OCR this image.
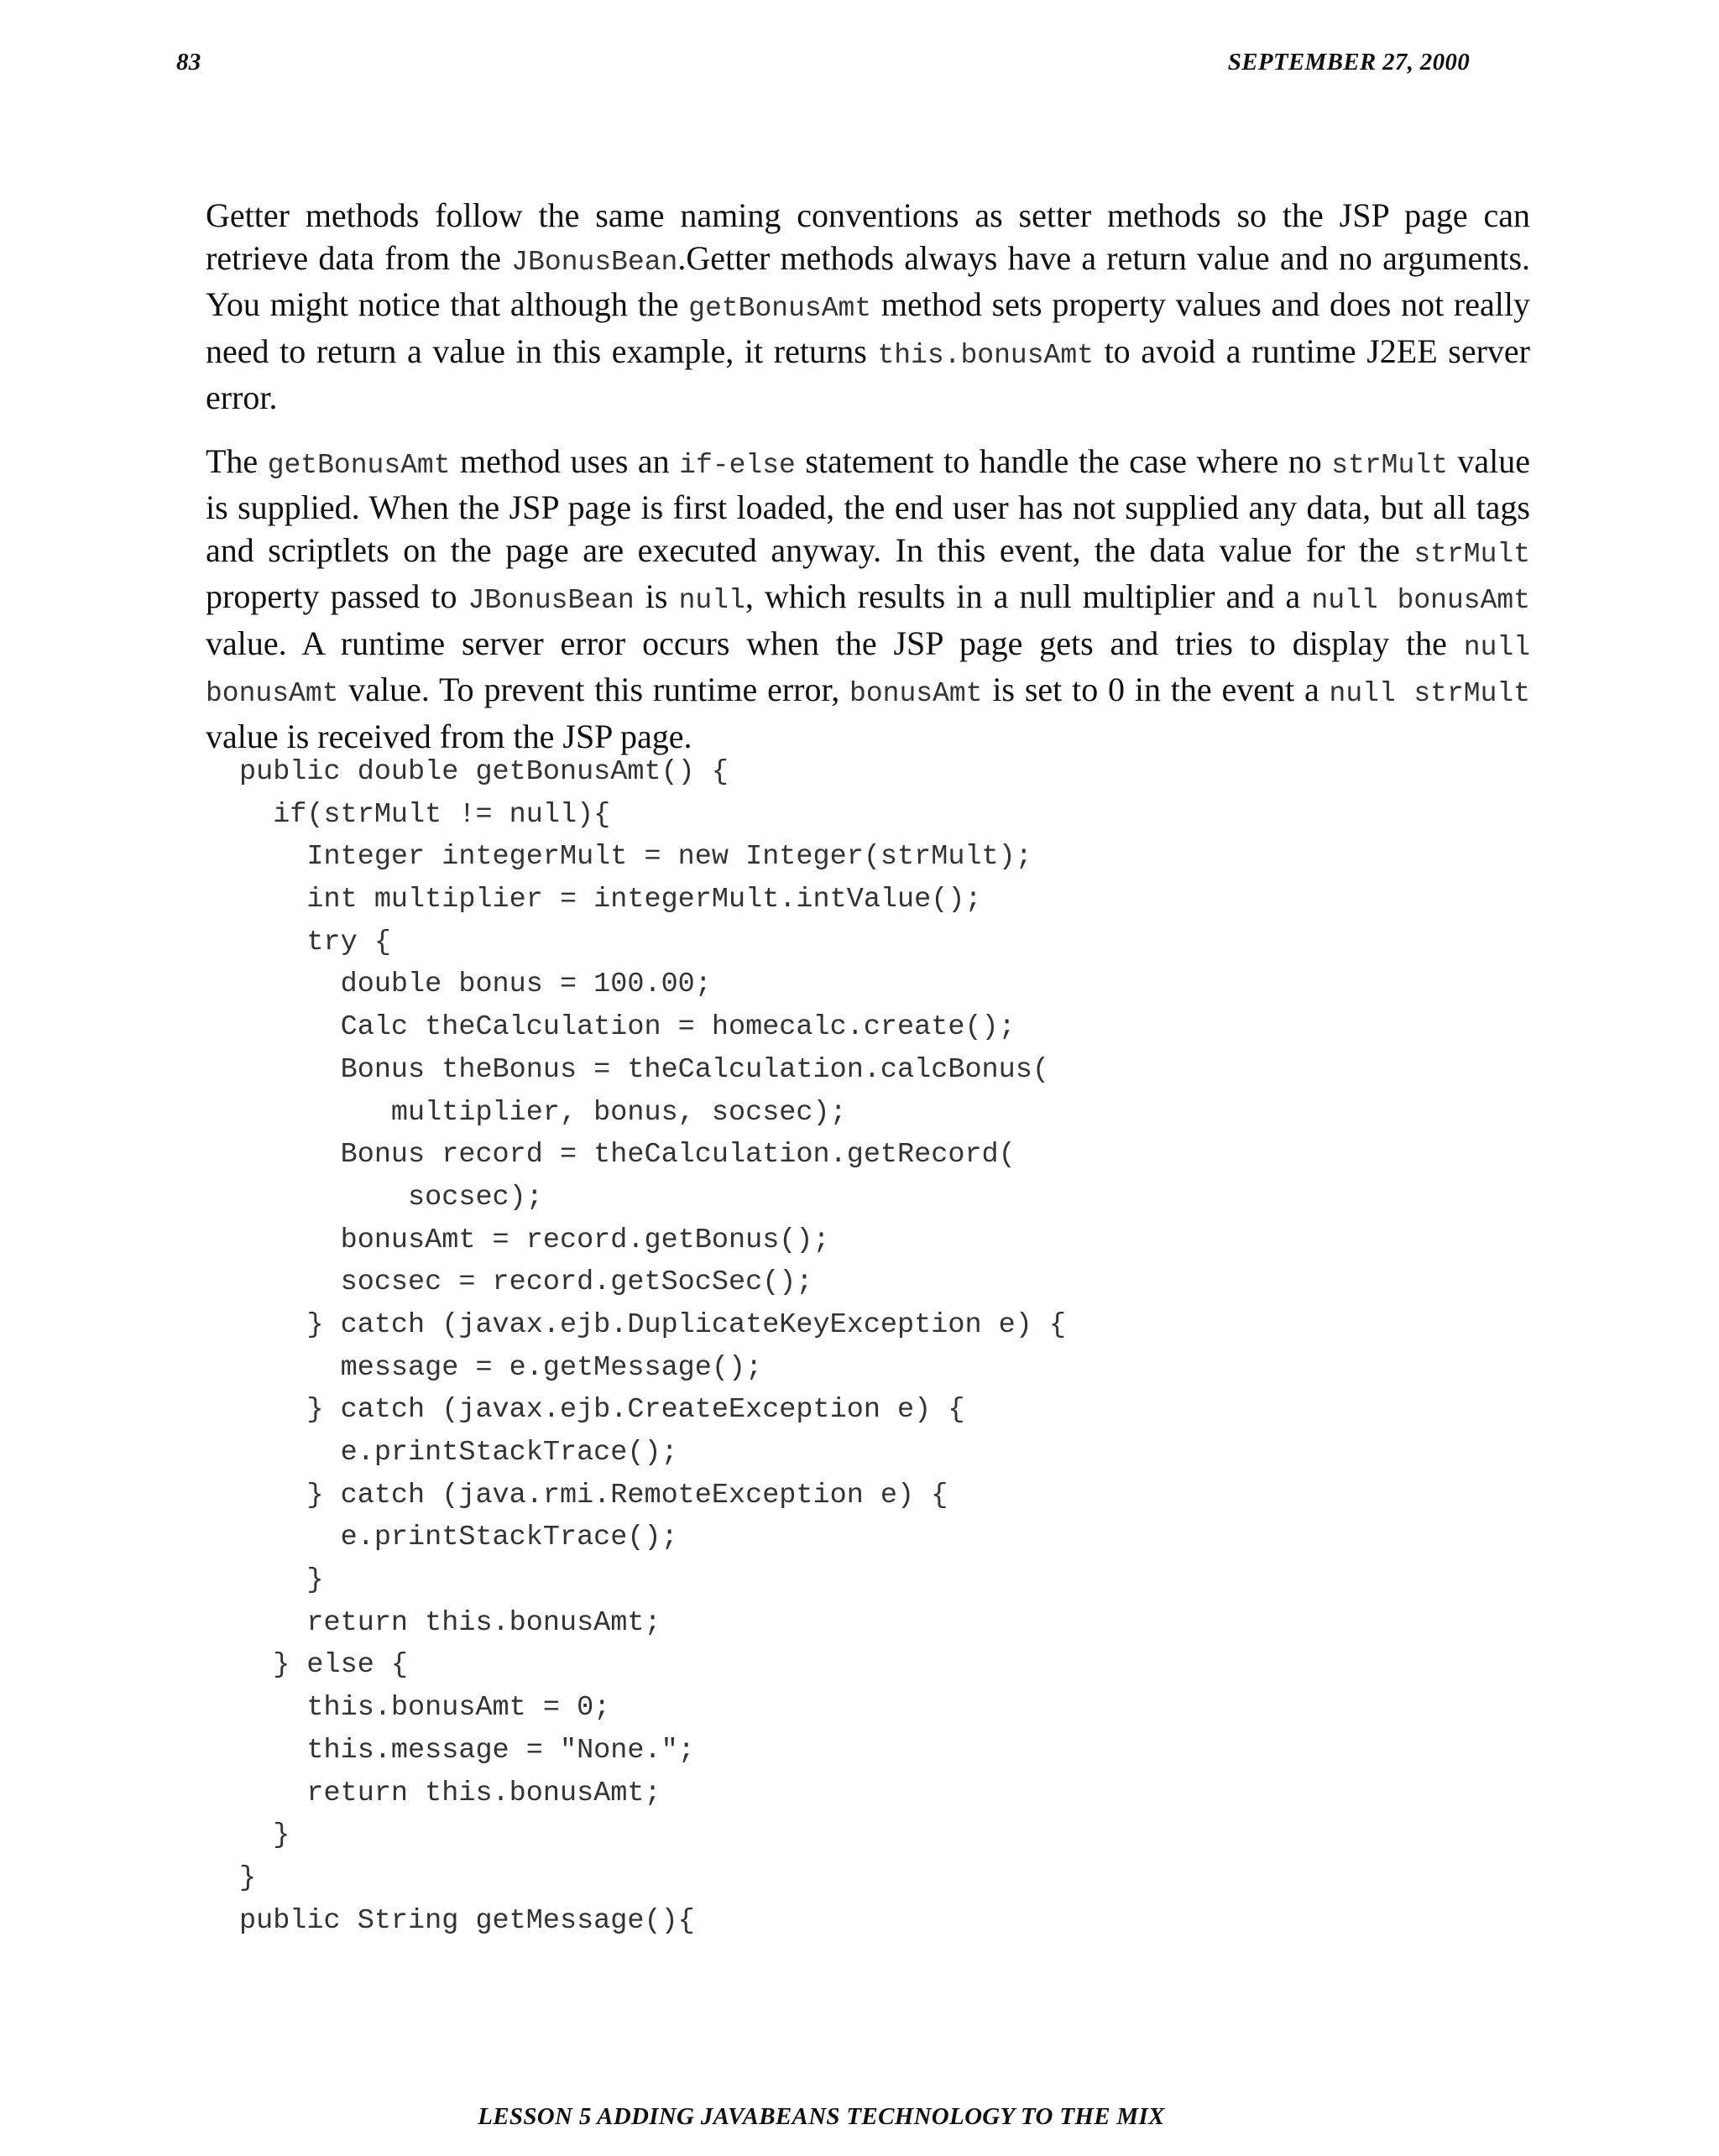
83	SEPTEMBER 27, 2000

Getter methods follow the same naming conventions as setter methods so the JSP page can retrieve data from the JBonusBean.Getter methods always have a return value and no arguments. You might notice that although the getBonusAmt method sets property values and does not really need to return a value in this example, it returns this.bonusAmt to avoid a runtime J2EE server error.

The getBonusAmt method uses an if-else statement to handle the case where no strMult value is supplied. When the JSP page is first loaded, the end user has not supplied any data, but all tags and scriptlets on the page are executed anyway. In this event, the data value for the strMult property passed to JBonusBean is null, which results in a null multiplier and a null bonusAmt value. A runtime server error occurs when the JSP page gets and tries to display the null bonusAmt value. To prevent this runtime error, bonusAmt is set to 0 in the event a null strMult value is received from the JSP page.

public double getBonusAmt() {
if(strMult != null){
Integer integerMult = new Integer(strMult);
int multiplier = integerMult.intValue();
try {
double bonus = 100.00;
Calc theCalculation = homecalc.create();
Bonus theBonus = theCalculation.calcBonus(
multiplier, bonus, socsec);
Bonus record = theCalculation.getRecord(
socsec);
bonusAmt = record.getBonus();
socsec = record.getSocSec();
} catch (javax.ejb.DuplicateKeyException e) {
message = e.getMessage();
} catch (javax.ejb.CreateException e) {
e.printStackTrace();
} catch (java.rmi.RemoteException e) {
e.printStackTrace();
}
return this.bonusAmt;
} else {
this.bonusAmt = 0;
this.message = "None.";
return this.bonusAmt;
}
}
public String getMessage(){
LESSON 5 ADDING JAVABEANS TECHNOLOGY TO THE MIX
